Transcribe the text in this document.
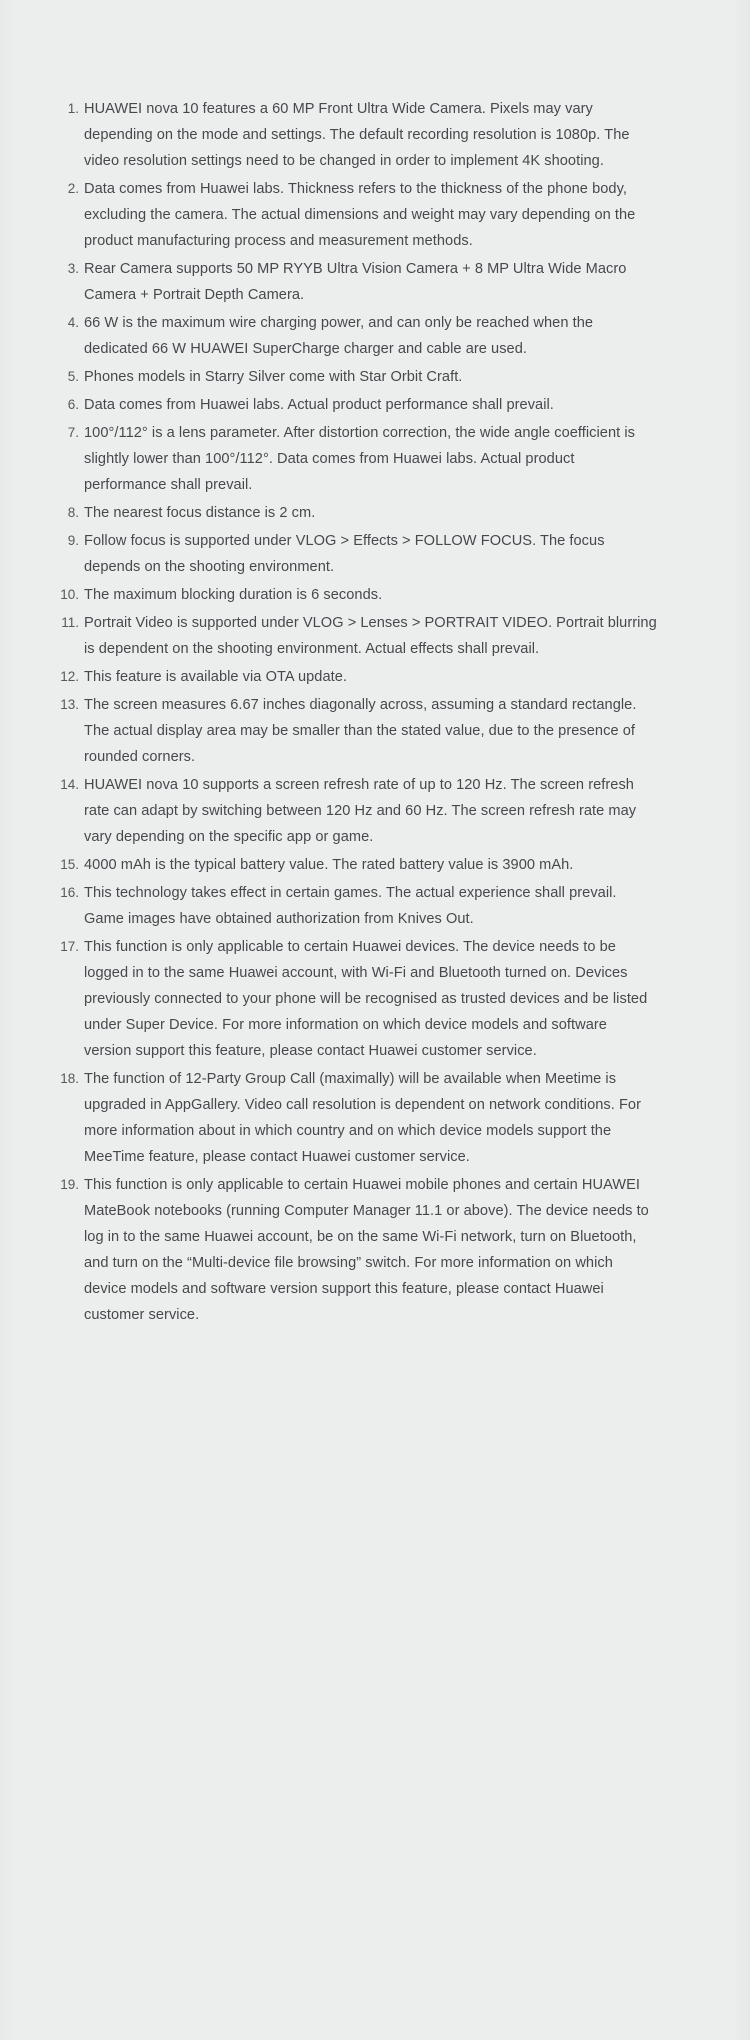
1. HUAWEI nova 10 features a 60 MP Front Ultra Wide Camera. Pixels may vary depending on the mode and settings. The default recording resolution is 1080p. The video resolution settings need to be changed in order to implement 4K shooting.
2. Data comes from Huawei labs. Thickness refers to the thickness of the phone body, excluding the camera. The actual dimensions and weight may vary depending on the product manufacturing process and measurement methods.
3. Rear Camera supports 50 MP RYYB Ultra Vision Camera + 8 MP Ultra Wide Macro Camera + Portrait Depth Camera.
4. 66 W is the maximum wire charging power, and can only be reached when the dedicated 66 W HUAWEI SuperCharge charger and cable are used.
5. Phones models in Starry Silver come with Star Orbit Craft.
6. Data comes from Huawei labs. Actual product performance shall prevail.
7. 100°/112° is a lens parameter. After distortion correction, the wide angle coefficient is slightly lower than 100°/112°. Data comes from Huawei labs. Actual product performance shall prevail.
8. The nearest focus distance is 2 cm.
9. Follow focus is supported under VLOG > Effects > FOLLOW FOCUS. The focus depends on the shooting environment.
10. The maximum blocking duration is 6 seconds.
11. Portrait Video is supported under VLOG > Lenses > PORTRAIT VIDEO. Portrait blurring is dependent on the shooting environment. Actual effects shall prevail.
12. This feature is available via OTA update.
13. The screen measures 6.67 inches diagonally across, assuming a standard rectangle. The actual display area may be smaller than the stated value, due to the presence of rounded corners.
14. HUAWEI nova 10 supports a screen refresh rate of up to 120 Hz. The screen refresh rate can adapt by switching between 120 Hz and 60 Hz. The screen refresh rate may vary depending on the specific app or game.
15. 4000 mAh is the typical battery value. The rated battery value is 3900 mAh.
16. This technology takes effect in certain games. The actual experience shall prevail. Game images have obtained authorization from Knives Out.
17. This function is only applicable to certain Huawei devices. The device needs to be logged in to the same Huawei account, with Wi-Fi and Bluetooth turned on. Devices previously connected to your phone will be recognised as trusted devices and be listed under Super Device. For more information on which device models and software version support this feature, please contact Huawei customer service.
18. The function of 12-Party Group Call (maximally) will be available when Meetime is upgraded in AppGallery. Video call resolution is dependent on network conditions. For more information about in which country and on which device models support the MeeTime feature, please contact Huawei customer service.
19. This function is only applicable to certain Huawei mobile phones and certain HUAWEI MateBook notebooks (running Computer Manager 11.1 or above). The device needs to log in to the same Huawei account, be on the same Wi-Fi network, turn on Bluetooth, and turn on the “Multi-device file browsing” switch. For more information on which device models and software version support this feature, please contact Huawei customer service.
